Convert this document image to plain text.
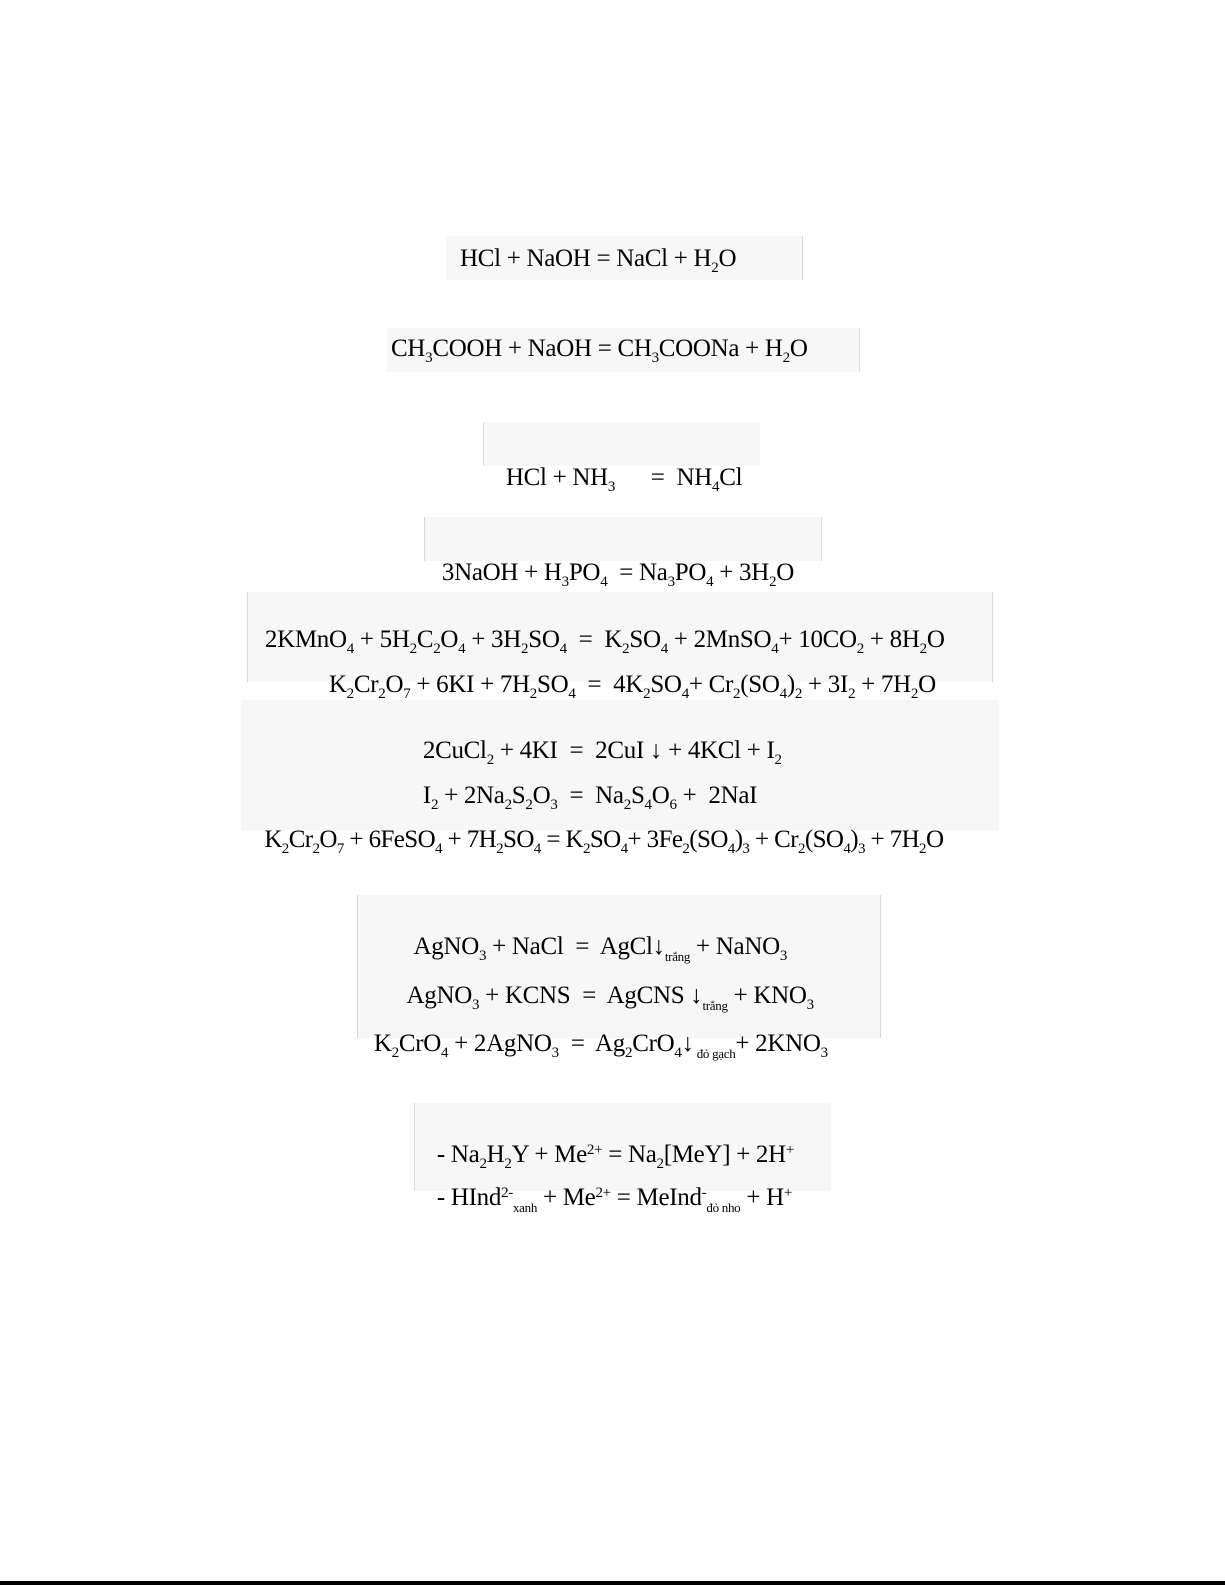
HCl + NaOH = NaCl + $H_2O$
$CH_3COOH$ + NaOH = $CH_3COONa + H_2O$

HCl + $NH_3$      =  $NH_4Cl$

3NaOH + $H_3PO_4 = Na_3PO_4 + 3H_2O$

2KMnO$_4$ + $5H_2C_2O_4 + 3H_2SO_4 = K_2SO_4$ + 2MnSO$_4$+ $10CO_2 + 8H_2O$

$K_2Cr_2O_7 + 6KI + 7H_2SO_4 = 4K_2SO_4+ Cr_2(SO_4)_2 + 3I_2 + 7H_2O$

2CuCl$_2$ + 4KI  =  2CuI ↓ + $4KCl + I_2$

$I_2 + 2Na_2S_2O_3 = Na_2S_4O_6 + 2NaI$

$K_2Cr_2O_7$ + 6FeSO$_4$ + $7H_2SO_4 = K_2SO_4+ 3Fe_2(SO_4)_3 + Cr_2(SO_4)_3 + 7H_2O$

AgNO$_3$ + NaCl  =  $AgCl↓_{trắng}$ + NaNO$_3$

AgNO$_3$ + KCNS  =  AgCNS $↓_{trắng} + KNO_3$

$K_2CrO_4$ + 2AgNO$_3$  =  $Ag_2CrO_4↓$ $_{đỏ gạch}+ 2KNO_3$

- $Na_2H_2Y + Me^{2+} = Na_2[MeY] + 2H^+$

- HInd$^{2-}_{xanh}$ + $Me^{2+}$ = MeInd-$_{đỏ nho}$ + H+
